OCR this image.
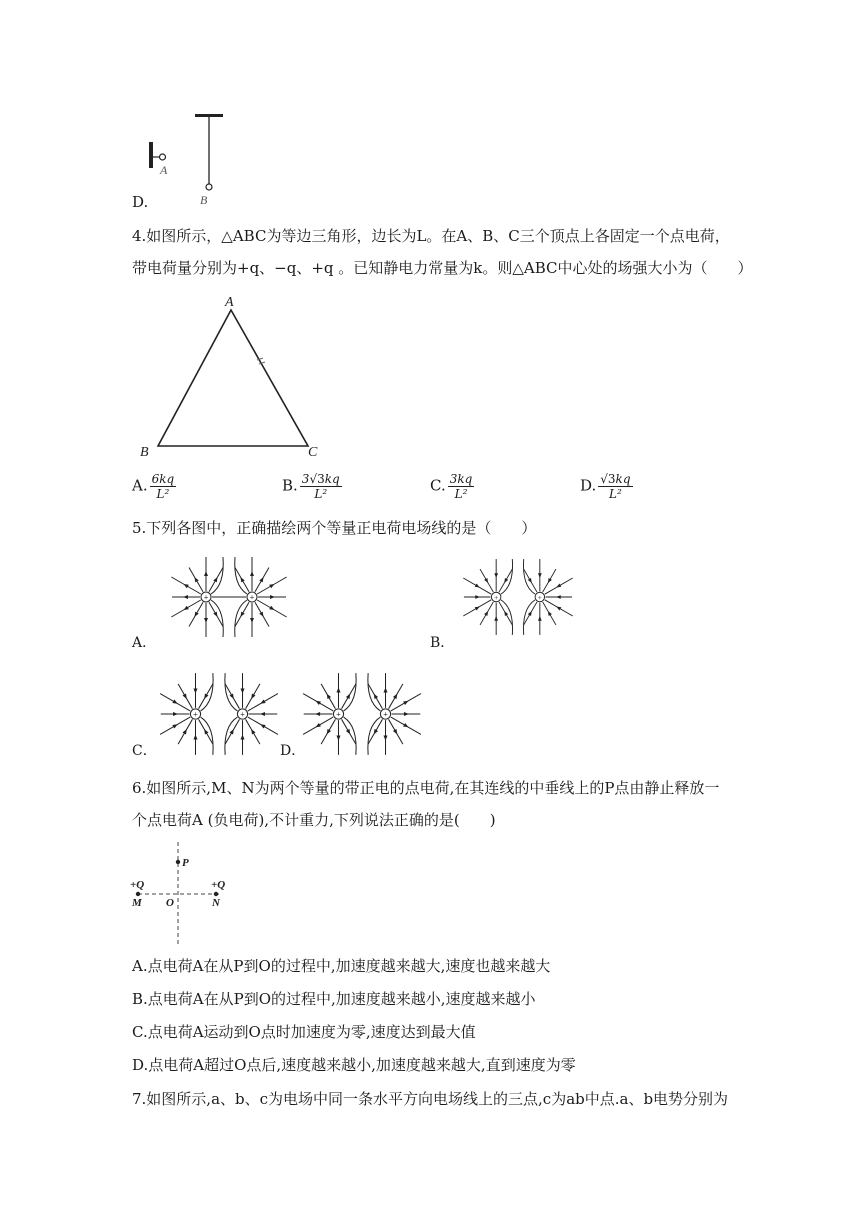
A
B
D.
4.如图所示，△ABC为等边三角形，边长为L。在A、B、C三个顶点上各固定一个点电荷，
带电荷量分别为+q、−q、+q 。已知静电力常量为k。则△ABC中心处的场强大小为（　　）
A
B	C
A. $\frac{6kq}{\text{L²}}$	B. $\frac{3√3kq}{\text{L²}}$	C. $\frac{3kq}{\text{L²}}$	D. $\frac{√3kq}{\text{L²}}$
5.下列各图中，正确描绘两个等量正电荷电场线的是（　　）
+	+
A．
+	+
B．
+	+
C．
+	+
D．
6.如图所示,M、N为两个等量的带正电的点电荷,在其连线的中垂线上的P点由静止释放一
个点电荷A (负电荷),不计重力,下列说法正确的是(　　)
P
+Q
M O
+Q
N
A.点电荷A在从P到O的过程中,加速度越来越大,速度也越来越大
B.点电荷A在从P到O的过程中,加速度越来越小,速度越来越小
C.点电荷A运动到O点时加速度为零,速度达到最大值
D.点电荷A超过O点后,速度越来越小,加速度越来越大,直到速度为零
7.如图所示,a、b、c为电场中同一条水平方向电场线上的三点,c为ab中点.a、b电势分别为
